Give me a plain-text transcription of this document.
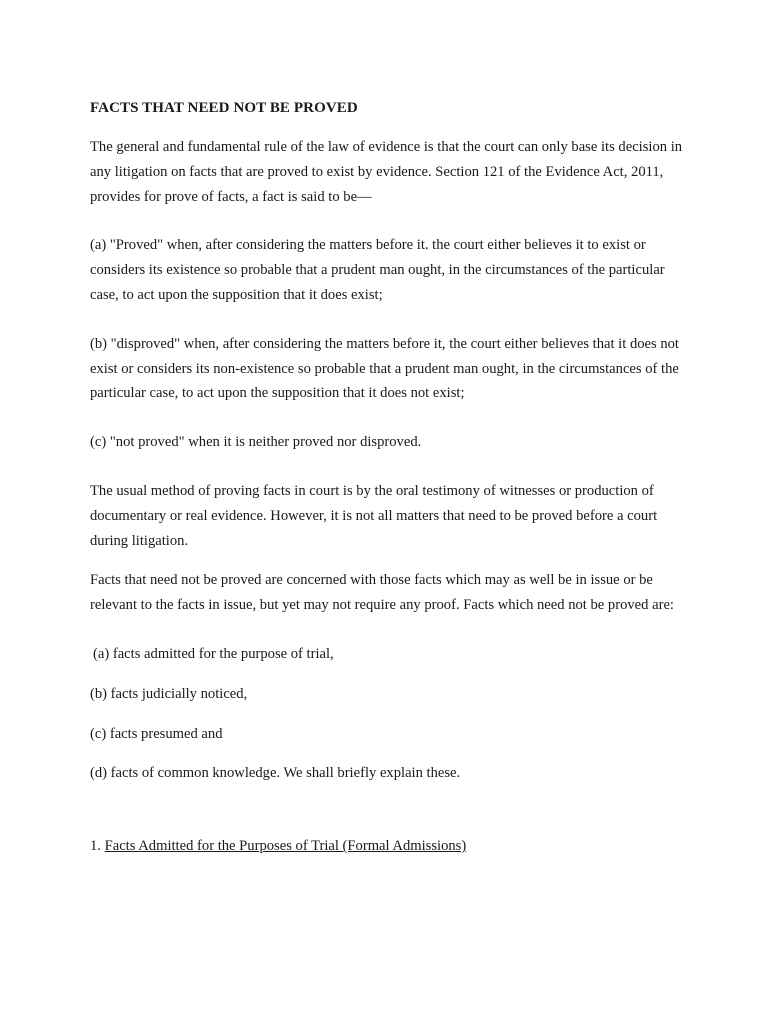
FACTS THAT NEED NOT BE PROVED

The general and fundamental rule of the law of evidence is that the court can only base its decision in any litigation on facts that are proved to exist by evidence. Section 121 of the Evidence Act, 2011, provides for prove of facts, a fact is said to be—

(a) "Proved" when, after considering the matters before it. the court either believes it to exist or considers its existence so probable that a prudent man ought, in the circumstances of the particular case, to act upon the supposition that it does exist;

(b) "disproved" when, after considering the matters before it, the court either believes that it does not exist or considers its non-existence so probable that a prudent man ought, in the circumstances of the particular case, to act upon the supposition that it does not exist;

(c) "not proved" when it is neither proved nor disproved.

The usual method of proving facts in court is by the oral testimony of witnesses or production of documentary or real evidence. However, it is not all matters that need to be proved before a court during litigation.

Facts that need not be proved are concerned with those facts which may as well be in issue or be relevant to the facts in issue, but yet may not require any proof. Facts which need not be proved are:

(a) facts admitted for the purpose of trial,

(b) facts judicially noticed,

(c) facts presumed and

(d) facts of common knowledge. We shall briefly explain these.

1. Facts Admitted for the Purposes of Trial (Formal Admissions)
